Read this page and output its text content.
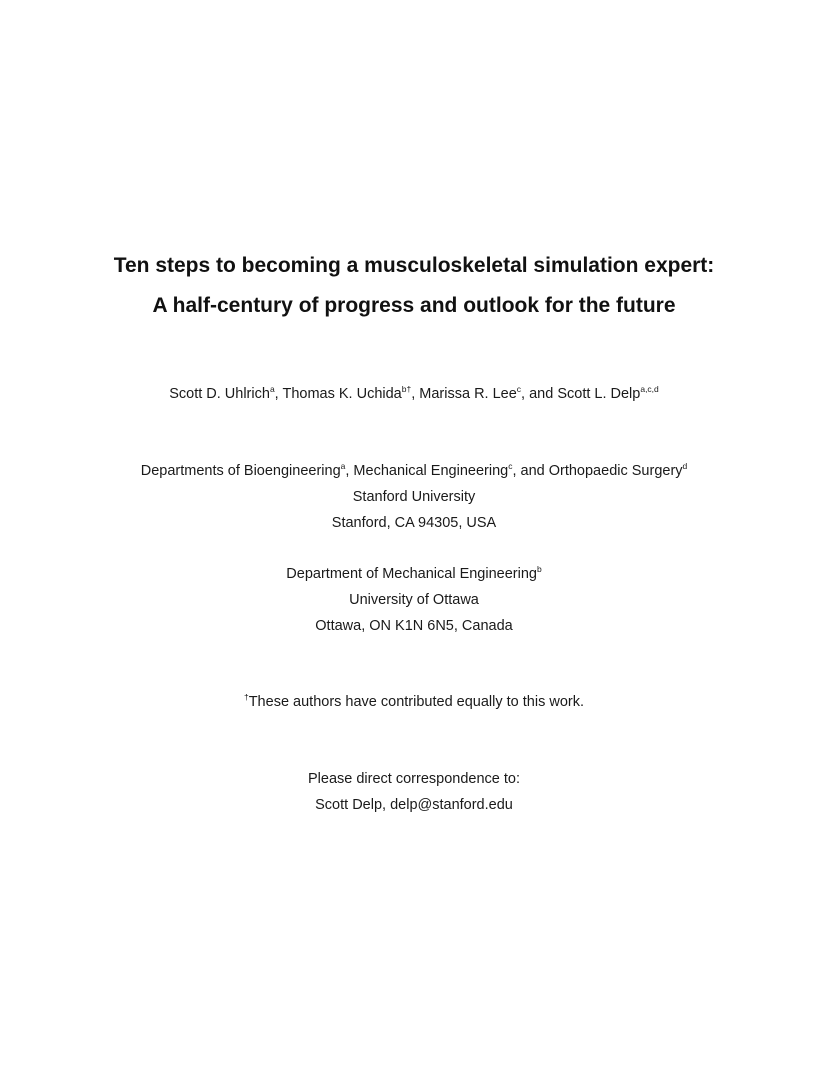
Ten steps to becoming a musculoskeletal simulation expert:
A half-century of progress and outlook for the future
Scott D. Uhlrich$^a$, Thomas K. Uchida$^{b\dagger}$, Marissa R. Lee$^c$, and Scott L. Delp$^{a,c,d}$
Departments of Bioengineering$^a$, Mechanical Engineering$^c$, and Orthopaedic Surgery$^d$
Stanford University
Stanford, CA 94305, USA
Department of Mechanical Engineering$^b$
University of Ottawa
Ottawa, ON K1N 6N5, Canada
†These authors have contributed equally to this work.
Please direct correspondence to:
Scott Delp, delp@stanford.edu
